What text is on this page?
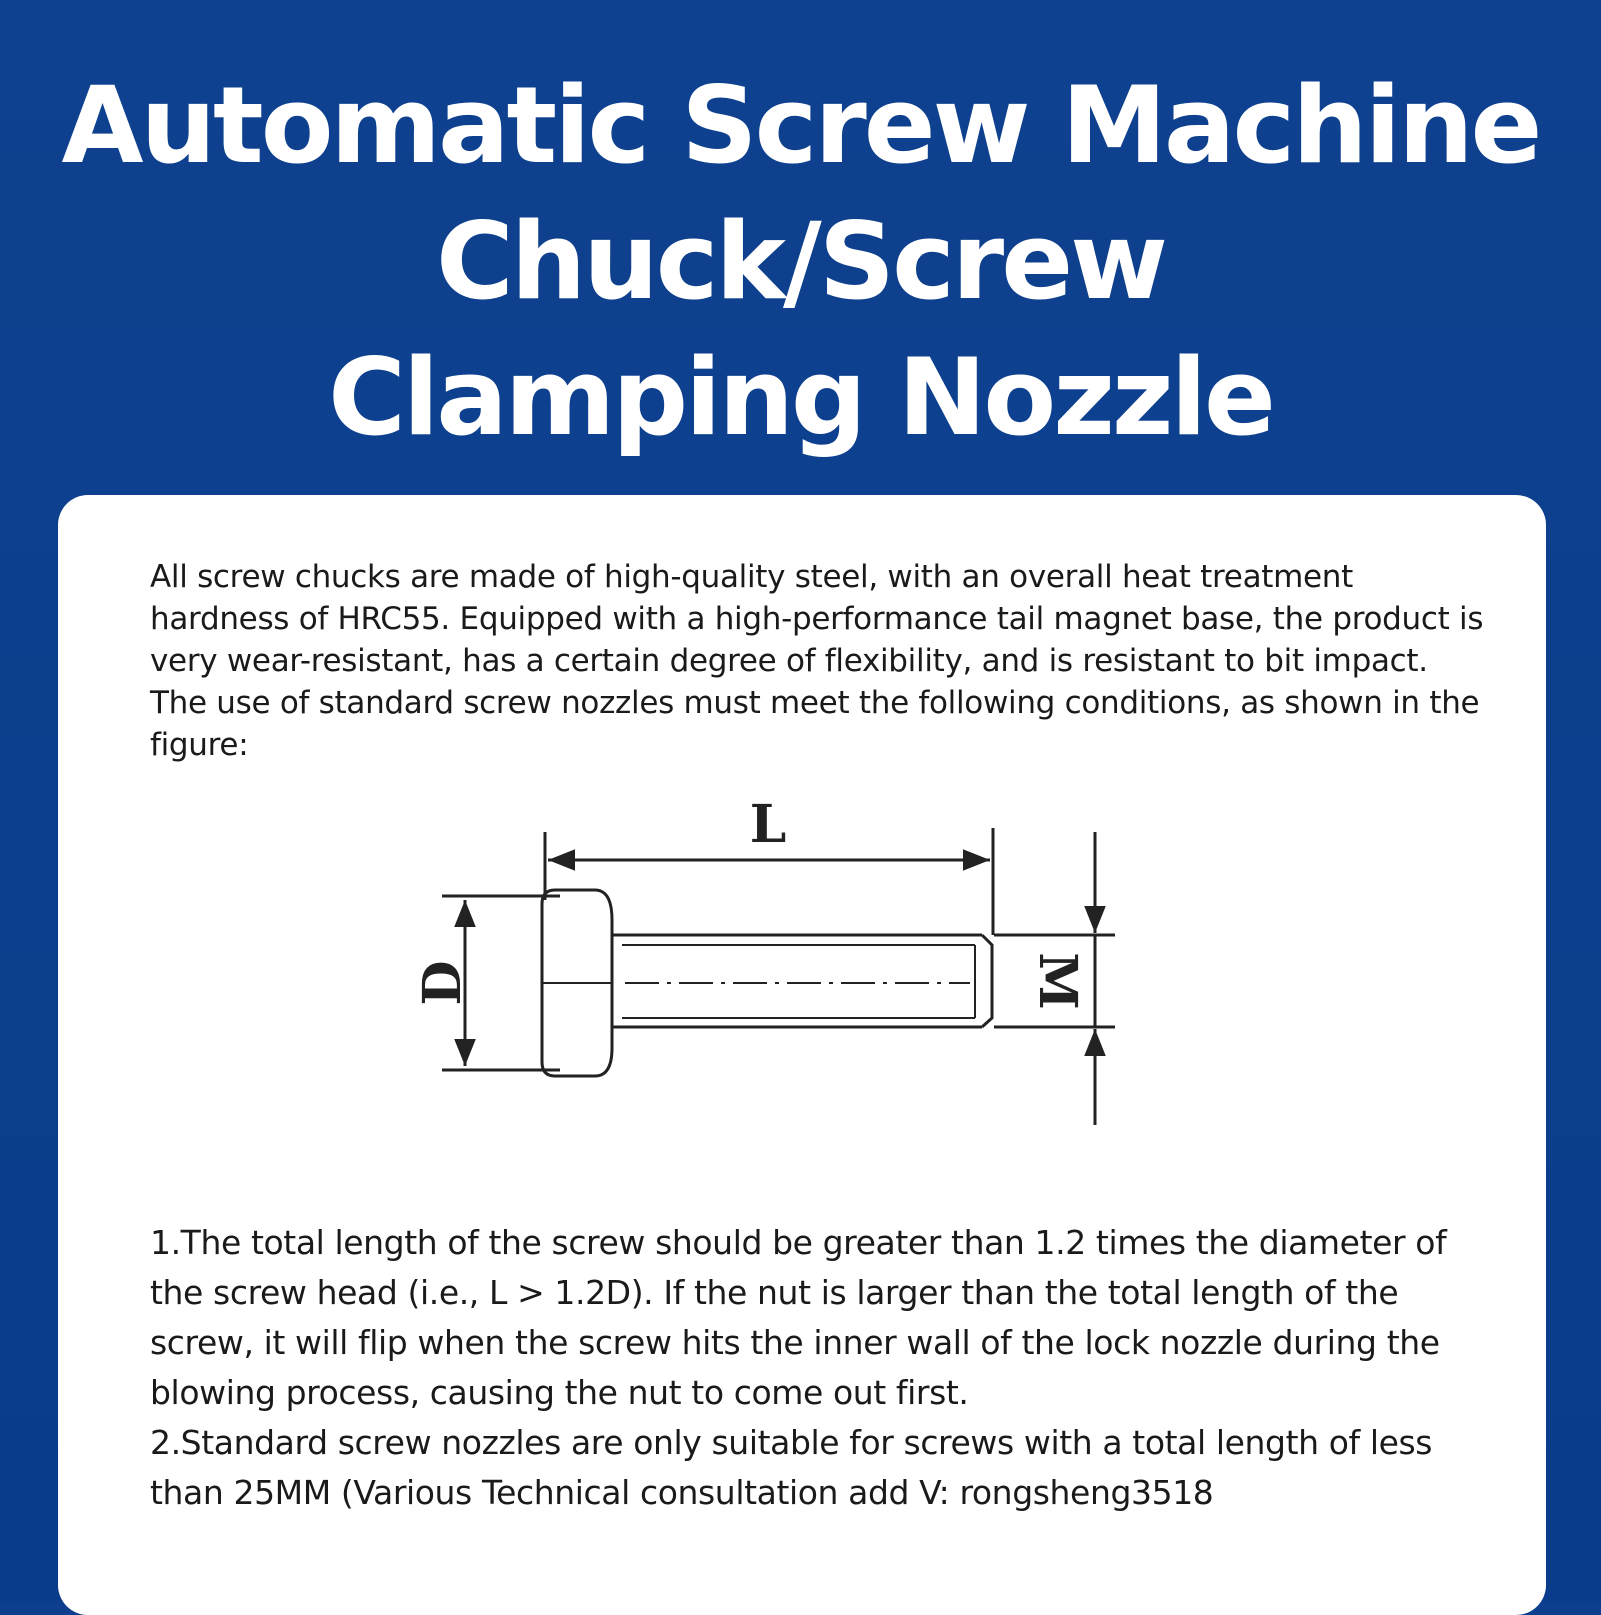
Automatic Screw Machine
Chuck/Screw
Clamping Nozzle

All screw chucks are made of high-quality steel, with an overall heat treatment hardness of HRC55. Equipped with a high-performance tail magnet base, the product is very wear-resistant, has a certain degree of flexibility, and is resistant to bit impact. The use of standard screw nozzles must meet the following conditions, as shown in the figure:

L
D	M

1.The total length of the screw should be greater than 1.2 times the diameter of the screw head (i.e., L > 1.2D). If the nut is larger than the total length of the screw, it will flip when the screw hits the inner wall of the lock nozzle during the blowing process, causing the nut to come out first.

2.Standard screw nozzles are only suitable for screws with a total length of less than 25MM (Various Technical consultation add V: rongsheng3518
